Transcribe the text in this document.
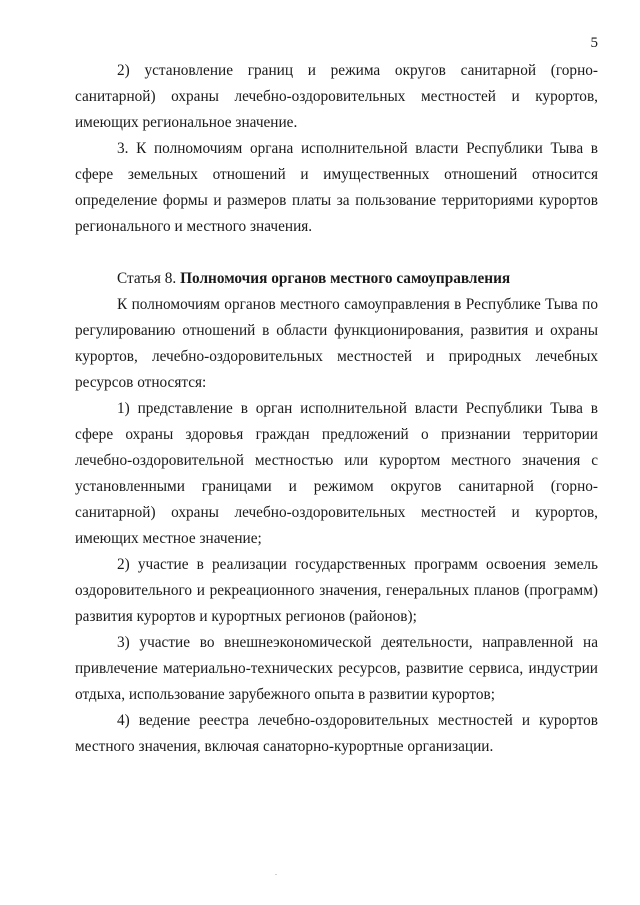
5

2) установление границ и режима округов санитарной (горно-санитарной) охраны лечебно-оздоровительных местностей и курортов, имеющих региональное значение.

3. К полномочиям органа исполнительной власти Республики Тыва в сфере земельных отношений и имущественных отношений относится определение формы и размеров платы за пользование территориями курортов регионального и местного значения.

Статья 8. Полномочия органов местного самоуправления

К полномочиям органов местного самоуправления в Республике Тыва по регулированию отношений в области функционирования, развития и охраны курортов, лечебно-оздоровительных местностей и природных лечебных ресурсов относятся:

1) представление в орган исполнительной власти Республики Тыва в сфере охраны здоровья граждан предложений о признании территории лечебно-оздоровительной местностью или курортом местного значения с установленными границами и режимом округов санитарной (горно-санитарной) охраны лечебно-оздоровительных местностей и курортов, имеющих местное значение;

2) участие в реализации государственных программ освоения земель оздоровительного и рекреационного значения, генеральных планов (программ) развития курортов и курортных регионов (районов);

3) участие во внешнеэкономической деятельности, направленной на привлечение материально-технических ресурсов, развитие сервиса, индустрии отдыха, использование зарубежного опыта в развитии курортов;

4) ведение реестра лечебно-оздоровительных местностей и курортов местного значения, включая санаторно-курортные организации.

.
